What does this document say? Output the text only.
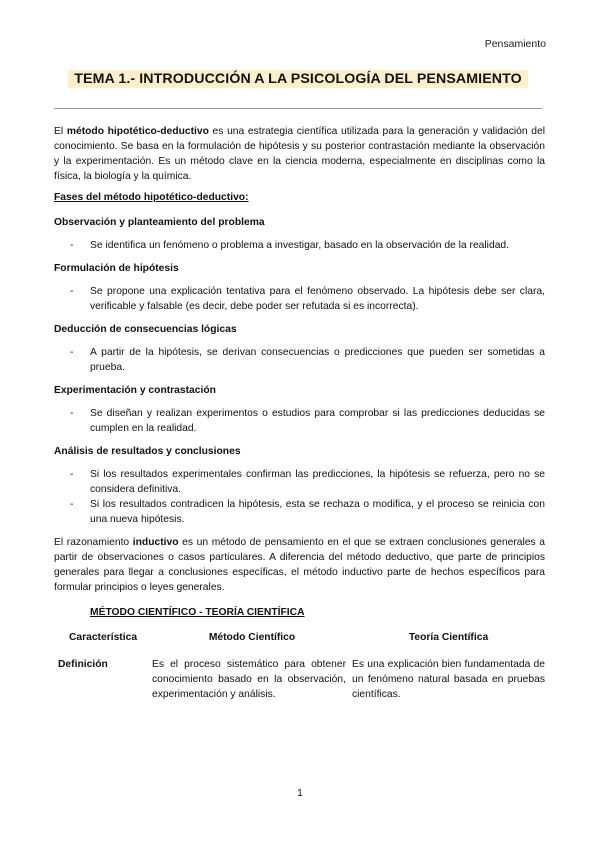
Pensamiento
TEMA 1.- INTRODUCCIÓN A LA PSICOLOGÍA DEL PENSAMIENTO

El método hipotético-deductivo es una estrategia científica utilizada para la generación y validación del conocimiento. Se basa en la formulación de hipótesis y su posterior contrastación mediante la observación y la experimentación. Es un método clave en la ciencia moderna, especialmente en disciplinas como la física, la biología y la química.

Fases del método hipotético-deductivo:

Observación y planteamiento del problema

- Se identifica un fenómeno o problema a investigar, basado en la observación de la realidad.

Formulación de hipótesis

- Se propone una explicación tentativa para el fenómeno observado. La hipótesis debe ser clara, verificable y falsable (es decir, debe poder ser refutada si es incorrecta).

Deducción de consecuencias lógicas

- A partir de la hipótesis, se derivan consecuencias o predicciones que pueden ser sometidas a prueba.

Experimentación y contrastación

- Se diseñan y realizan experimentos o estudios para comprobar si las predicciones deducidas se cumplen en la realidad.

Análisis de resultados y conclusiones

- Si los resultados experimentales confirman las predicciones, la hipótesis se refuerza, pero no se considera definitiva.
- Si los resultados contradicen la hipótesis, esta se rechaza o modifica, y el proceso se reinicia con una nueva hipótesis.

El razonamiento inductivo es un método de pensamiento en el que se extraen conclusiones generales a partir de observaciones o casos particulares. A diferencia del método deductivo, que parte de principios generales para llegar a conclusiones específicas, el método inductivo parte de hechos específicos para formular principios o leyes generales.

MÉTODO CIENTÍFICO - TEORÍA CIENTÍFICA

Característica	Método Científico	Teoría Científica
Definición	Es el proceso sistemático para obtener conocimiento basado en la observación, experimentación y análisis.	Es una explicación bien fundamentada de un fenómeno natural basada en pruebas científicas.
1
